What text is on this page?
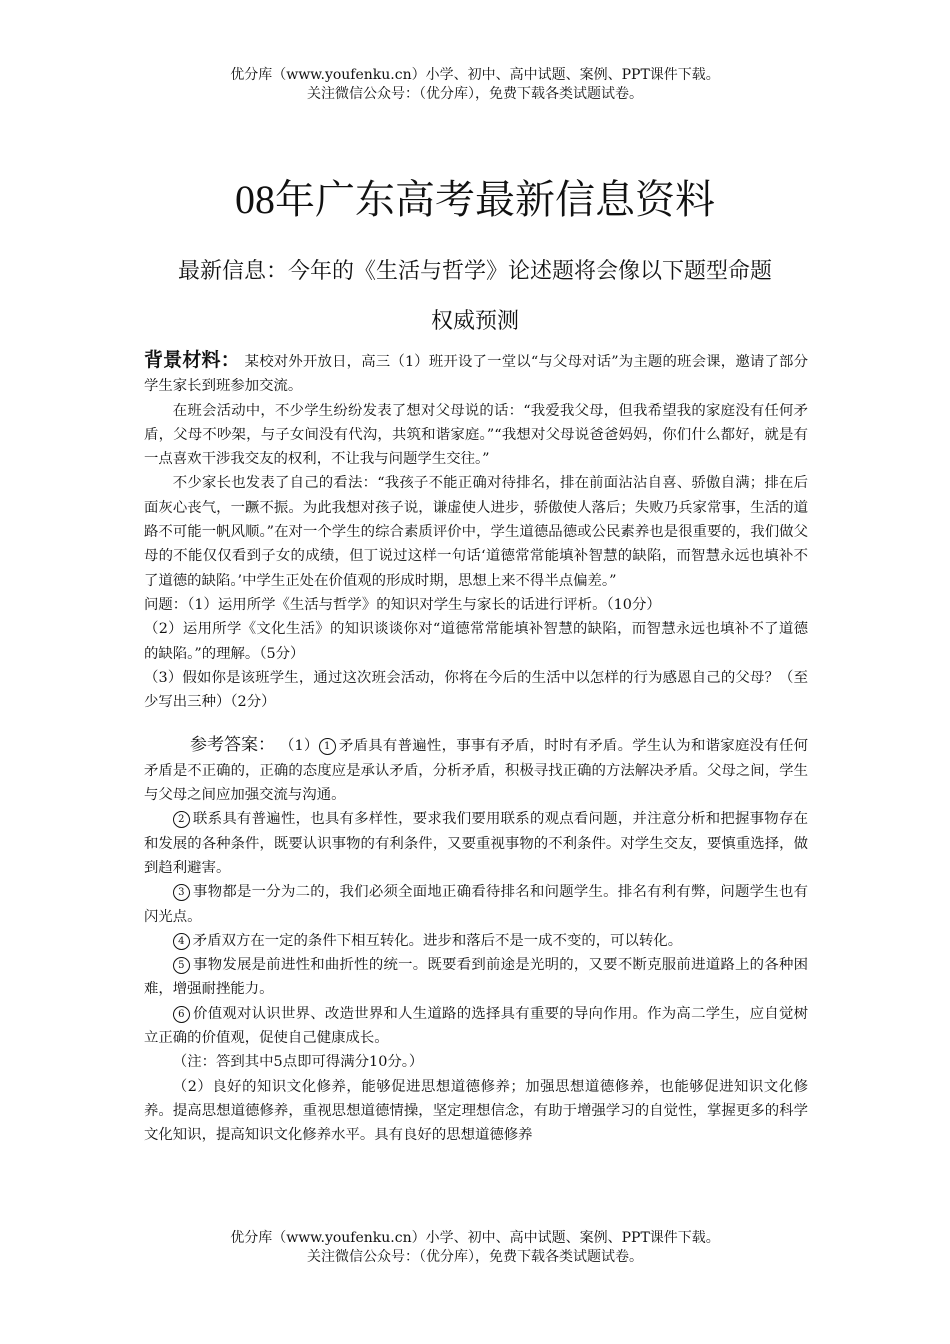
优分库（www.youfenku.cn）小学、初中、高中试题、案例、PPT课件下载。
关注微信公众号：（优分库），免费下载各类试题试卷。
08年广东高考最新信息资料
最新信息：今年的《生活与哲学》论述题将会像以下题型命题
权威预测

背景材料： 某校对外开放日，高三（1）班开设了一堂以“与父母对话”为主题的班会课，邀请了部分学生家长到班参加交流。

在班会活动中，不少学生纷纷发表了想对父母说的话：“我爱我父母，但我希望我的家庭没有任何矛盾，父母不吵架，与子女间没有代沟，共筑和谐家庭。”“我想对父母说爸爸妈妈，你们什么都好，就是有一点喜欢干涉我交友的权利，不让我与问题学生交往。”

不少家长也发表了自己的看法：“我孩子不能正确对待排名，排在前面沾沾自喜、骄傲自满；排在后面灰心丧气，一蹶不振。为此我想对孩子说，谦虚使人进步，骄傲使人落后；失败乃兵家常事，生活的道路不可能一帆风顺。”在对一个学生的综合素质评价中，学生道德品德或公民素养也是很重要的，我们做父母的不能仅仅看到子女的成绩，但丁说过这样一句话‘道德常常能填补智慧的缺陷，而智慧永远也填补不了道德的缺陷。’中学生正处在价值观的形成时期，思想上来不得半点偏差。”

问题：（1）运用所学《生活与哲学》的知识对学生与家长的话进行评析。（10分）

（2）运用所学《文化生活》的知识谈谈你对“道德常常能填补智慧的缺陷，而智慧永远也填补不了道德的缺陷。”的理解。（5分）

（3）假如你是该班学生，通过这次班会活动，你将在今后的生活中以怎样的行为感恩自己的父母？（至少写出三种）（2分）

参考答案： （1） 1 矛盾具有普遍性，事事有矛盾，时时有矛盾。学生认为和谐家庭没有任何矛盾是不正确的，正确的态度应是承认矛盾，分析矛盾，积极寻找正确的方法解决矛盾。父母之间，学生与父母之间应加强交流与沟通。

2 联系具有普遍性，也具有多样性，要求我们要用联系的观点看问题，并注意分析和把握事物存在和发展的各种条件，既要认识事物的有利条件，又要重视事物的不利条件。对学生交友，要慎重选择，做到趋利避害。

3 事物都是一分为二的，我们必须全面地正确看待排名和问题学生。排名有利有弊，问题学生也有闪光点。

4 矛盾双方在一定的条件下相互转化。进步和落后不是一成不变的，可以转化。

5 事物发展是前进性和曲折性的统一。既要看到前途是光明的，又要不断克服前进道路上的各种困难，增强耐挫能力。

6 价值观对认识世界、改造世界和人生道路的选择具有重要的导向作用。作为高二学生，应自觉树立正确的价值观，促使自己健康成长。

（注：答到其中5点即可得满分10分。）

（2）良好的知识文化修养，能够促进思想道德修养；加强思想道德修养，也能够促进知识文化修养。提高思想道德修养，重视思想道德情操，坚定理想信念，有助于增强学习的自觉性，掌握更多的科学文化知识，提高知识文化修养水平。具有良好的思想道德修养

优分库（www.youfenku.cn）小学、初中、高中试题、案例、PPT课件下载。
关注微信公众号：（优分库），免费下载各类试题试卷。
